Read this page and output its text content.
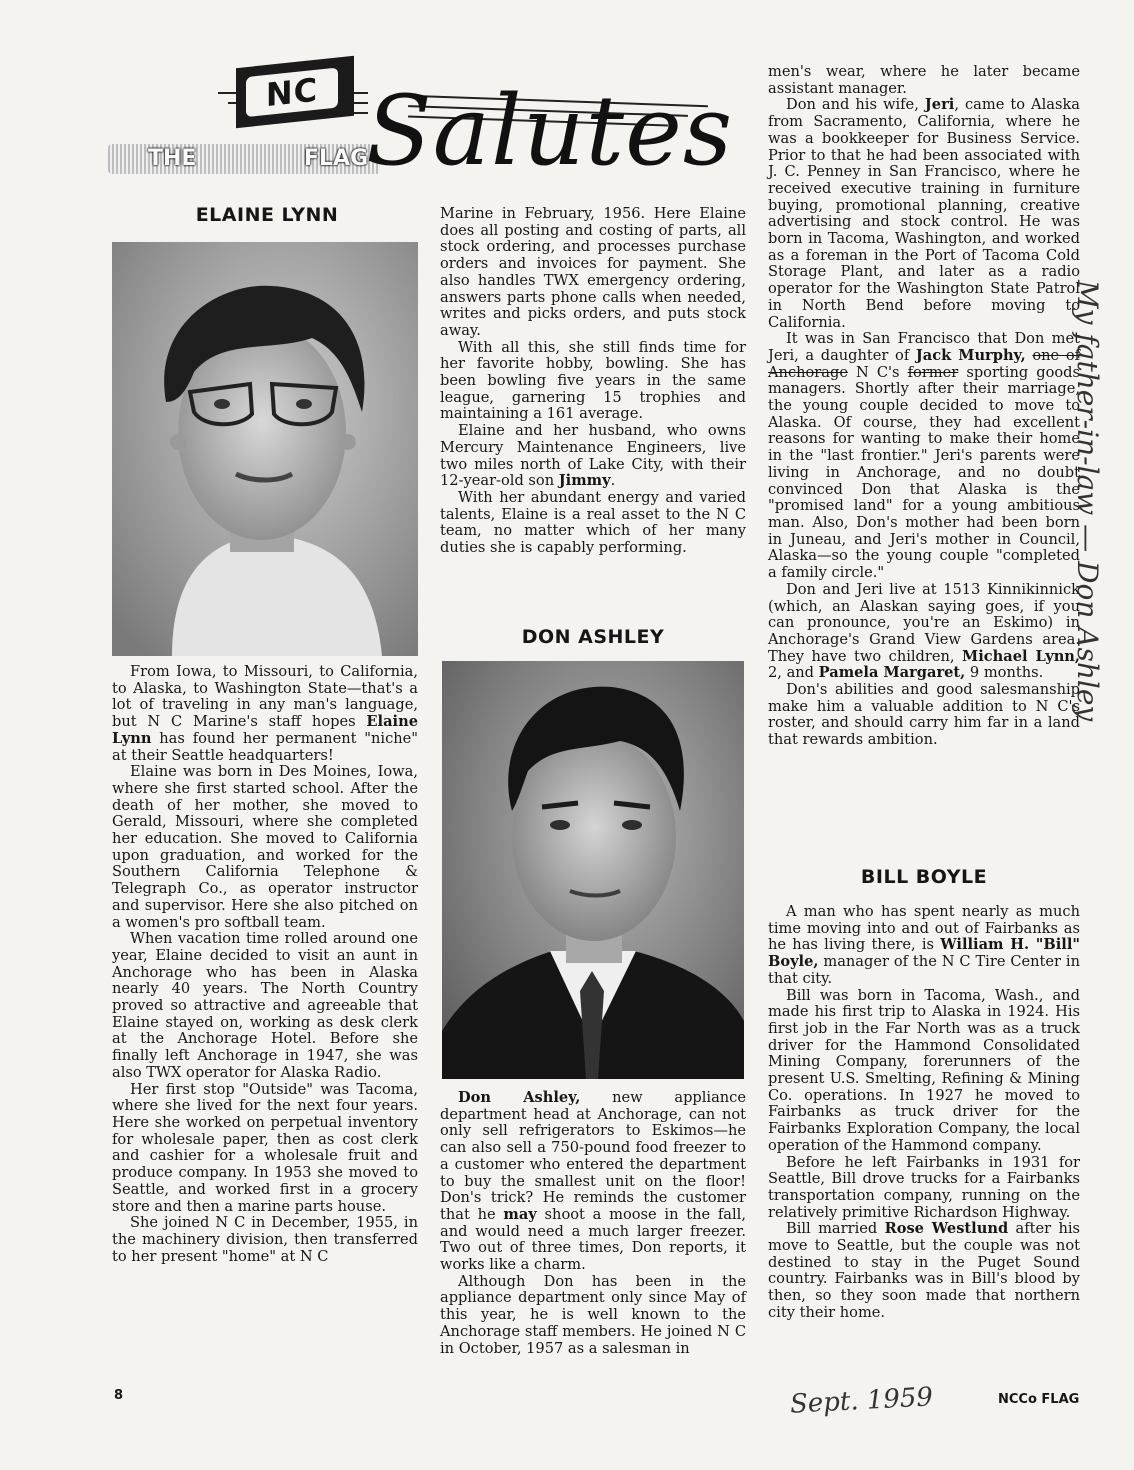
NC
THE	FLAG
Salutes
ELAINE LYNN

From Iowa, to Missouri, to California, to Alaska, to Washington State—that's a lot of traveling in any man's language, but N C Marine's staff hopes Elaine Lynn has found her permanent "niche" at their Seattle headquarters!

Elaine was born in Des Moines, Iowa, where she first started school. After the death of her mother, she moved to Gerald, Missouri, where she completed her education. She moved to California upon graduation, and worked for the Southern California Telephone & Telegraph Co., as operator instructor and supervisor. Here she also pitched on a women's pro softball team.

When vacation time rolled around one year, Elaine decided to visit an aunt in Anchorage who has been in Alaska nearly 40 years. The North Country proved so attractive and agreeable that Elaine stayed on, working as desk clerk at the Anchorage Hotel. Before she finally left Anchorage in 1947, she was also TWX operator for Alaska Radio.

Her first stop "Outside" was Tacoma, where she lived for the next four years. Here she worked on perpetual inventory for wholesale paper, then as cost clerk and cashier for a wholesale fruit and produce company. In 1953 she moved to Seattle, and worked first in a grocery store and then a marine parts house.

She joined N C in December, 1955, in the machinery division, then transferred to her present "home" at N C

Marine in February, 1956. Here Elaine does all posting and costing of parts, all stock ordering, and processes purchase orders and invoices for payment. She also handles TWX emergency ordering, answers parts phone calls when needed, writes and picks orders, and puts stock away.

With all this, she still finds time for her favorite hobby, bowling. She has been bowling five years in the same league, garnering 15 trophies and maintaining a 161 average.

Elaine and her husband, who owns Mercury Maintenance Engineers, live two miles north of Lake City, with their 12-year-old son Jimmy.

With her abundant energy and varied talents, Elaine is a real asset to the N C team, no matter which of her many duties she is capably performing.

DON ASHLEY

Don Ashley, new appliance department head at Anchorage, can not only sell refrigerators to Eskimos—he can also sell a 750-pound food freezer to a customer who entered the department to buy the smallest unit on the floor! Don's trick? He reminds the customer that he may shoot a moose in the fall, and would need a much larger freezer. Two out of three times, Don reports, it works like a charm.

Although Don has been in the appliance department only since May of this year, he is well known to the Anchorage staff members. He joined N C in October, 1957 as a salesman in

men's wear, where he later became assistant manager.

Don and his wife, Jeri, came to Alaska from Sacramento, California, where he was a bookkeeper for Business Service. Prior to that he had been associated with J. C. Penney in San Francisco, where he received executive training in furniture buying, promotional planning, creative advertising and stock control. He was born in Tacoma, Washington, and worked as a foreman in the Port of Tacoma Cold Storage Plant, and later as a radio operator for the Washington State Patrol in North Bend before moving to California.

It was in San Francisco that Don met Jeri, a daughter of Jack Murphy, one of Anchorage N C's former sporting goods managers. Shortly after their marriage, the young couple decided to move to Alaska. Of course, they had excellent reasons for wanting to make their home in the "last frontier." Jeri's parents were living in Anchorage, and no doubt convinced Don that Alaska is the "promised land" for a young ambitious man. Also, Don's mother had been born in Juneau, and Jeri's mother in Council, Alaska—so the young couple "completed a family circle."

Don and Jeri live at 1513 Kinnikinnick (which, an Alaskan saying goes, if you can pronounce, you're an Eskimo) in Anchorage's Grand View Gardens area. They have two children, Michael Lynn, 2, and Pamela Margaret, 9 months.

Don's abilities and good salesmanship make him a valuable addition to N C's roster, and should carry him far in a land that rewards ambition.

BILL BOYLE

A man who has spent nearly as much time moving into and out of Fairbanks as he has living there, is William H. "Bill" Boyle, manager of the N C Tire Center in that city.

Bill was born in Tacoma, Wash., and made his first trip to Alaska in 1924. His first job in the Far North was as a truck driver for the Hammond Consolidated Mining Company, forerunners of the present U.S. Smelting, Refining & Mining Co. operations. In 1927 he moved to Fairbanks as truck driver for the Fairbanks Exploration Company, the local operation of the Hammond company.

Before he left Fairbanks in 1931 for Seattle, Bill drove trucks for a Fairbanks transportation company, running on the relatively primitive Richardson Highway.

Bill married Rose Westlund after his move to Seattle, but the couple was not destined to stay in the Puget Sound country. Fairbanks was in Bill's blood by then, so they soon made that northern city their home.

My father-in-law — Don Ashley
8	Sept. 1959	NCCo FLAG
